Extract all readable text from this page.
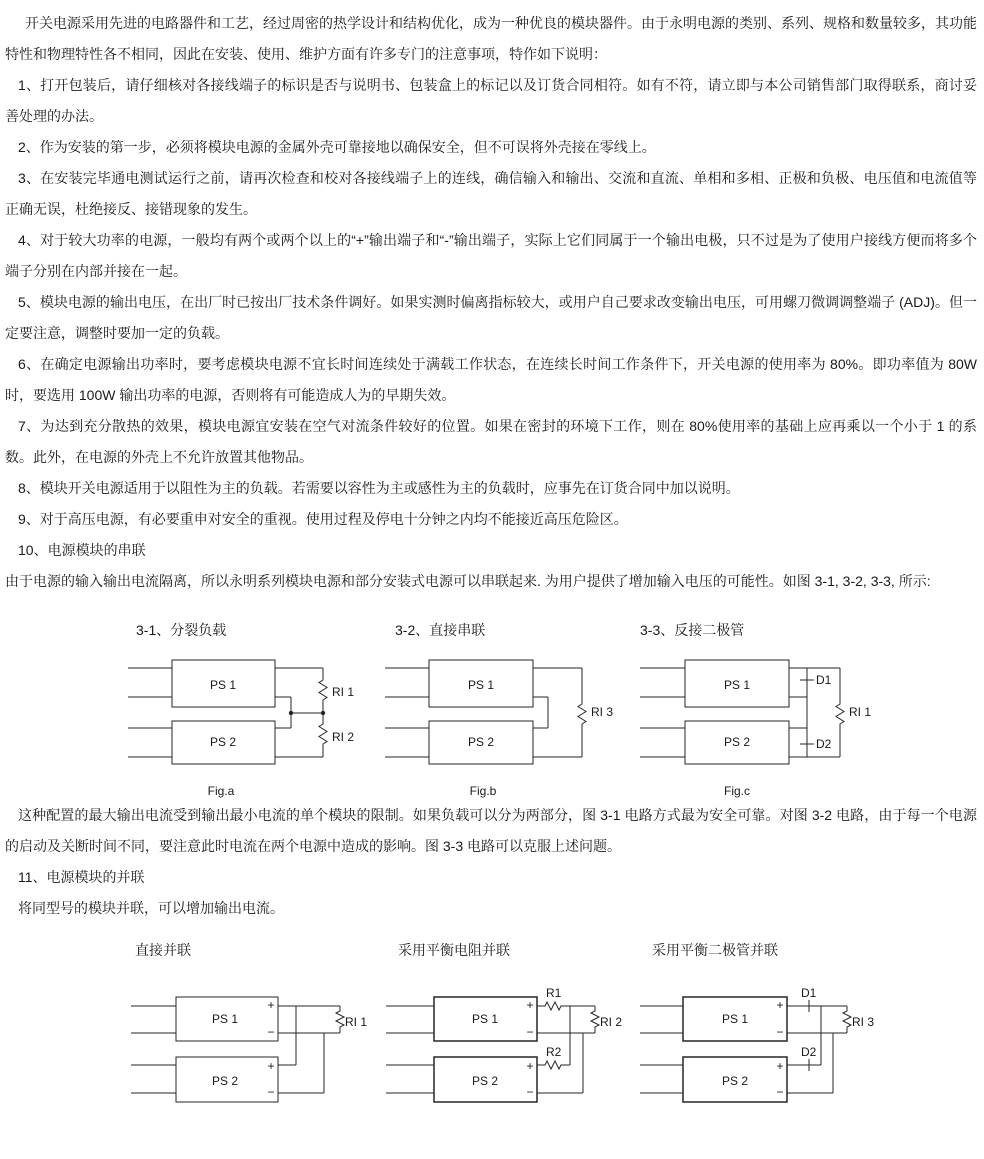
开关电源采用先进的电路器件和工艺，经过周密的热学设计和结构优化，成为一种优良的模块器件。由于永明电源的类别、系列、规格和数量较多，其功能特性和物理特性各不相同，因此在安装、使用、维护方面有许多专门的注意事项，特作如下说明：

1、打开包装后，请仔细核对各接线端子的标识是否与说明书、包装盒上的标记以及订货合同相符。如有不符，请立即与本公司销售部门取得联系，商讨妥善处理的办法。

2、作为安装的第一步，必须将模块电源的金属外壳可靠接地以确保安全，但不可误将外壳接在零线上。

3、在安装完毕通电测试运行之前，请再次检查和校对各接线端子上的连线，确信输入和输出、交流和直流、单相和多相、正极和负极、电压值和电流值等正确无误，杜绝接反、接错现象的发生。

4、对于较大功率的电源，一般均有两个或两个以上的“+”输出端子和“-”输出端子，实际上它们同属于一个输出电极，只不过是为了使用户接线方便而将多个端子分别在内部并接在一起。

5、模块电源的输出电压，在出厂时已按出厂技术条件调好。如果实测时偏离指标较大，或用户自己要求改变输出电压，可用螺刀微调调整端子 (ADJ)。但一定要注意，调整时要加一定的负载。

6、在确定电源输出功率时，要考虑模块电源不宜长时间连续处于满载工作状态，在连续长时间工作条件下，开关电源的使用率为 80%。即功率值为 80W 时，要选用 100W 输出功率的电源，否则将有可能造成人为的早期失效。

7、为达到充分散热的效果，模块电源宜安装在空气对流条件较好的位置。如果在密封的环境下工作，则在 80%使用率的基础上应再乘以一个小于 1 的系数。此外，在电源的外壳上不允许放置其他物品。

8、模块开关电源适用于以阻性为主的负载。若需要以容性为主或感性为主的负载时，应事先在订货合同中加以说明。

9、对于高压电源，有必要重申对安全的重视。使用过程及停电十分钟之内均不能接近高压危险区。

10、电源模块的串联

由于电源的输入输出电流隔离，所以永明系列模块电源和部分安装式电源可以串联起来. 为用户提供了增加输入电压的可能性。如图 3-1, 3-2, 3-3, 所示:

3-1、分裂负载	3-2、直接串联	3-3、反接二极管
PS 1
PS 2
RI 1
RI 2
Fig.a
PS 1
PS 2
RI 3
Fig.b
PS 1
PS 2
D1
D2
RI 1
Fig.c

这种配置的最大输出电流受到输出最小电流的单个模块的限制。如果负载可以分为两部分，图 3-1 电路方式最为安全可靠。对图 3-2 电路，由于每一个电源的启动及关断时间不同，要注意此时电流在两个电源中造成的影响。图 3-3 电路可以克服上述问题。

11、电源模块的并联

将同型号的模块并联，可以增加输出电流。

直接并联	采用平衡电阻并联	采用平衡二极管并联
PS 1
PS 2
+
−
+
−
RI 1	PS 1
PS 2
+
−
+
−
R1
R2
RI 2	PS 1
PS 2
+
−
+
−
D1
D2
RI 3
